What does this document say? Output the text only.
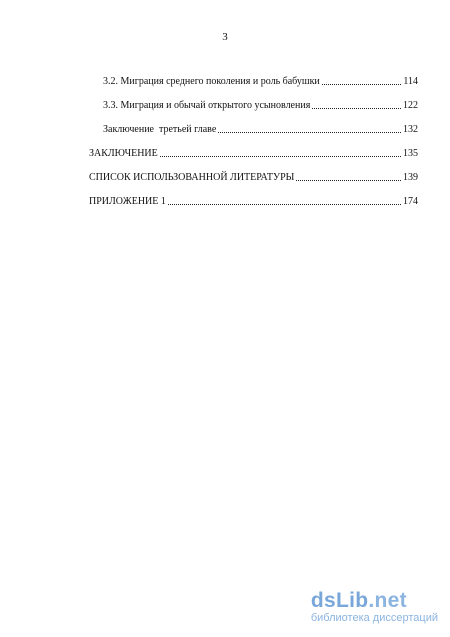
3
3.2. Миграция среднего поколения и роль бабушки	114
3.3. Миграция и обычай открытого усыновления	122
Заключение  третьей главе	132
ЗАКЛЮЧЕНИЕ	135
СПИСОК ИСПОЛЬЗОВАННОЙ ЛИТЕРАТУРЫ	139
ПРИЛОЖЕНИЕ 1	174
dsLib.net
библиотека диссертаций
